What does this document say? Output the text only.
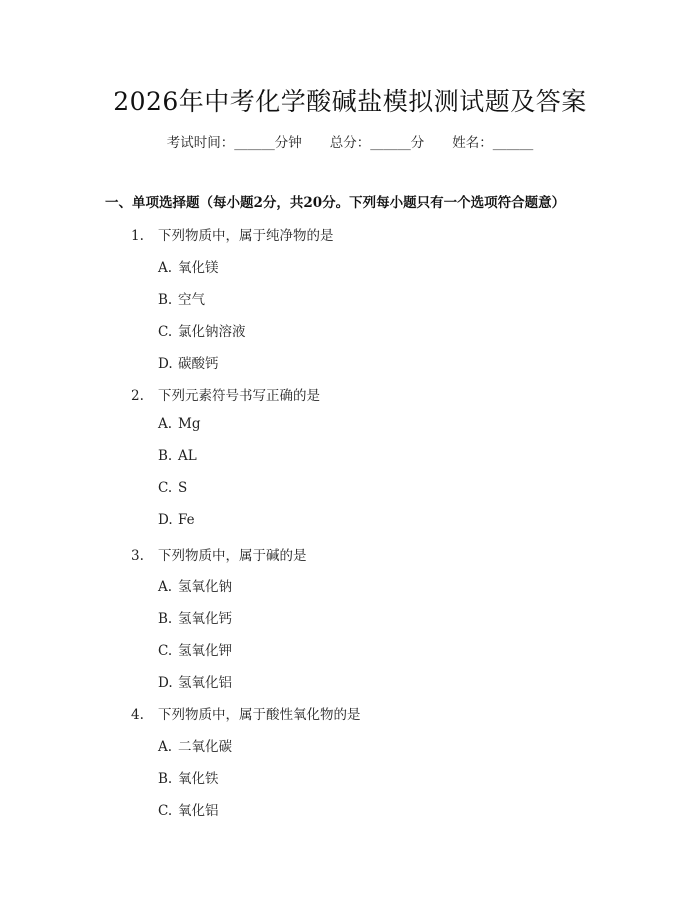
2026年中考化学酸碱盐模拟测试题及答案
考试时间：______分钟 总分：______分 姓名：______
一、单项选择题（每小题2分，共20分。下列每小题只有一个选项符合题意）
1. 下列物质中，属于纯净物的是
A. 氧化镁
B. 空气
C. 氯化钠溶液
D. 碳酸钙
2. 下列元素符号书写正确的是
A. Mg
B. AL
C. S
D. Fe
3. 下列物质中，属于碱的是
A. 氢氧化钠
B. 氢氧化钙
C. 氢氧化钾
D. 氢氧化铝
4. 下列物质中，属于酸性氧化物的是
A. 二氧化碳
B. 氧化铁
C. 氧化铝
